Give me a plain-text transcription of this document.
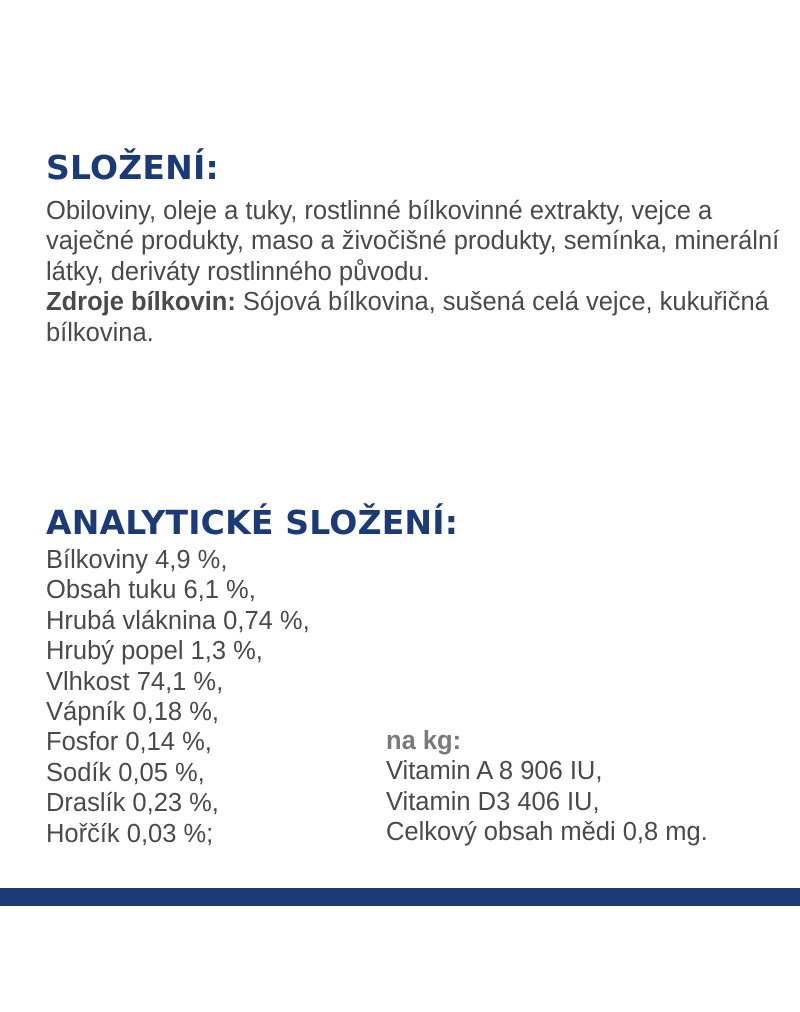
SLOŽENÍ:

Obiloviny, oleje a tuky, rostlinné bílkovinné extrakty, vejce a vaječné produkty, maso a živočišné produkty, semínka, minerální látky, deriváty rostlinného původu.

Zdroje bílkovin: Sójová bílkovina, sušená celá vejce, kukuřičná bílkovina.

ANALYTICKÉ SLOŽENÍ:
Bílkoviny 4,9 %,
Obsah tuku 6,1 %,
Hrubá vláknina 0,74 %,
Hrubý popel 1,3 %,
Vlhkost 74,1 %,
Vápník 0,18 %,
Fosfor 0,14 %,
Sodík 0,05 %,
Draslík 0,23 %,
Hořčík 0,03 %;
na kg:
Vitamin A 8 906 IU,
Vitamin D3 406 IU,
Celkový obsah mědi 0,8 mg.
